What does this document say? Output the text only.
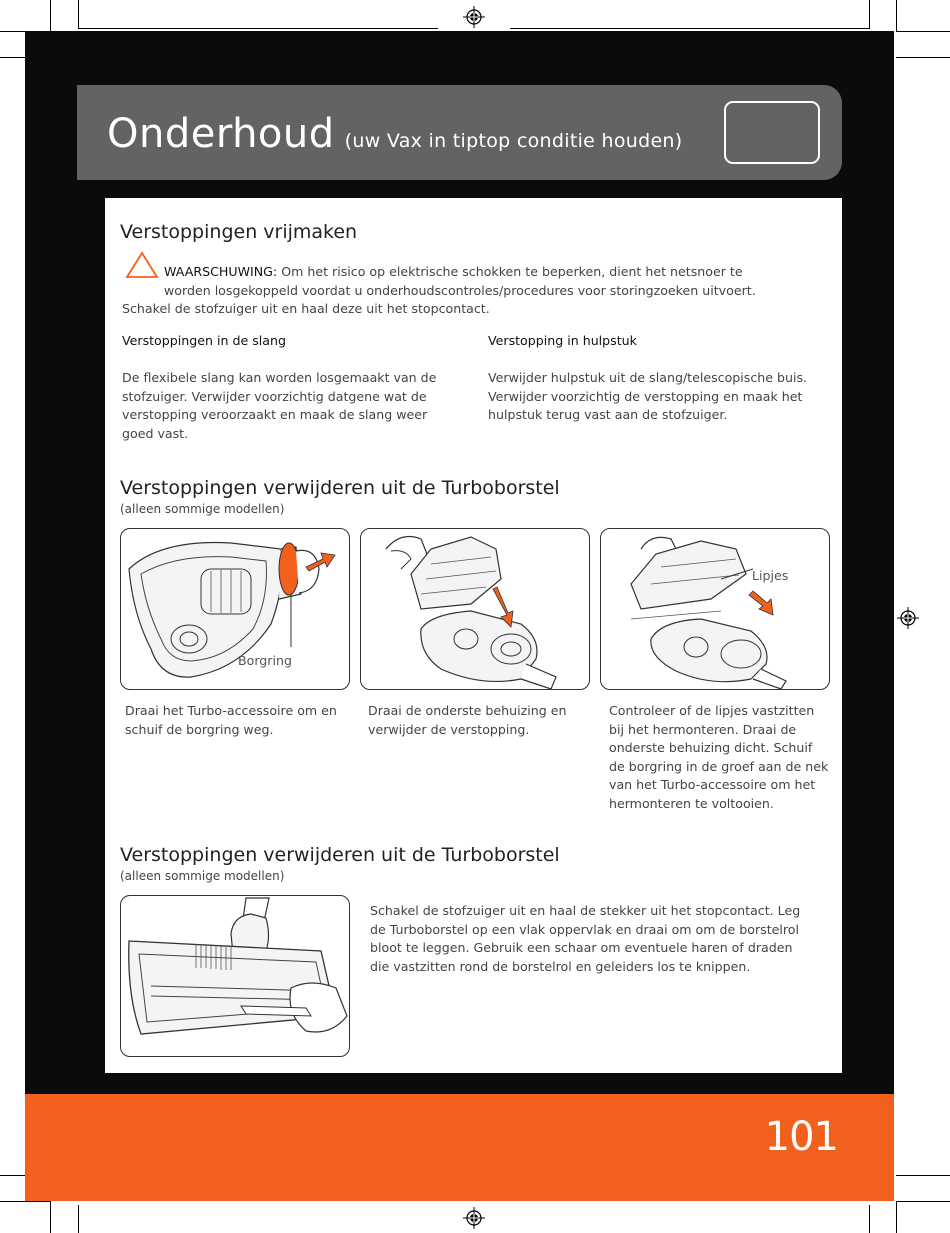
Onderhoud (uw Vax in tiptop conditie houden)
Verstoppingen vrijmaken
WAARSCHUWING: Om het risico op elektrische schokken te beperken, dient het netsnoer te
worden losgekoppeld voordat u onderhoudscontroles/procedures voor storingzoeken uitvoert.
Schakel de stofzuiger uit en haal deze uit het stopcontact.
Verstoppingen in de slang
De flexibele slang kan worden losgemaakt van de stofzuiger. Verwijder voorzichtig datgene wat de verstopping veroorzaakt en maak de slang weer goed vast.
Verstopping in hulpstuk
Verwijder hulpstuk uit de slang/telescopische buis. Verwijder voorzichtig de verstopping en maak het hulpstuk terug vast aan de stofzuiger.
Verstoppingen verwijderen uit de Turboborstel
(alleen sommige modellen)
Borgring
Lipjes
Draai het Turbo-accessoire om en schuif de borgring weg.
Draai de onderste behuizing en verwijder de verstopping.
Controleer of de lipjes vastzitten bij het hermonteren. Draai de onderste behuizing dicht. Schuif de borgring in de groef aan de nek van het Turbo-accessoire om het hermonteren te voltooien.
Verstoppingen verwijderen uit de Turboborstel
(alleen sommige modellen)
Schakel de stofzuiger uit en haal de stekker uit het stopcontact. Leg de Turboborstel op een vlak oppervlak en draai om om de borstelrol bloot te leggen. Gebruik een schaar om eventuele haren of draden die vastzitten rond de borstelrol en geleiders los te knippen.
101
